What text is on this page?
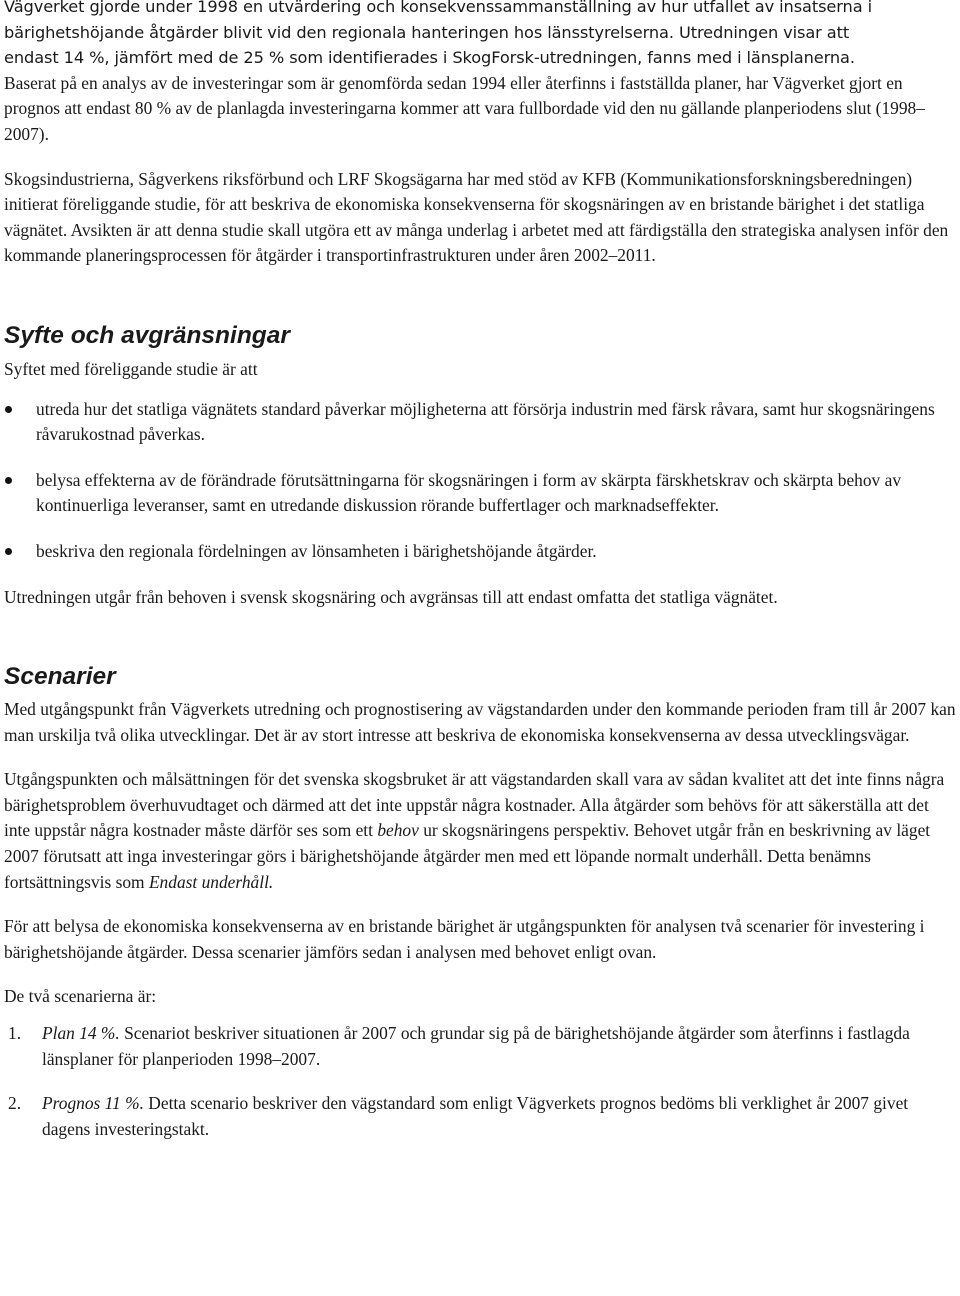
Vägverket gjorde under 1998 en utvärdering och konsekvenssammanställning av hur utfallet av insatserna i
bärighetshöjande åtgärder blivit vid den regionala hanteringen hos länsstyrelserna. Utredningen visar att
endast 14 %, jämfört med de 25 % som identifierades i SkogForsk-utredningen, fanns med i länsplanerna.

Baserat på en analys av de investeringar som är genomförda sedan 1994 eller återfinns i fastställda planer, har Vägverket gjort en prognos att endast 80 % av de planlagda investeringarna kommer att vara fullbordade vid den nu gällande planperiodens slut (1998–2007).

Skogsindustrierna, Sågverkens riksförbund och LRF Skogsägarna har med stöd av KFB (Kommunikationsforskningsberedningen) initierat föreliggande studie, för att beskriva de ekonomiska konsekvenserna för skogsnäringen av en bristande bärighet i det statliga vägnätet. Avsikten är att denna studie skall utgöra ett av många underlag i arbetet med att färdigställa den strategiska analysen inför den kommande planeringsprocessen för åtgärder i transportinfrastrukturen under åren 2002–2011.

Syfte och avgränsningar

Syftet med föreliggande studie är att

utreda hur det statliga vägnätets standard påverkar möjligheterna att försörja industrin med färsk råvara, samt hur skogsnäringens råvarukostnad påverkas.
belysa effekterna av de förändrade förutsättningarna för skogsnäringen i form av skärpta färskhetskrav och skärpta behov av kontinuerliga leveranser, samt en utredande diskussion rörande buffertlager och marknadseffekter.
beskriva den regionala fördelningen av lönsamheten i bärighetshöjande åtgärder.

Utredningen utgår från behoven i svensk skogsnäring och avgränsas till att endast omfatta det statliga vägnätet.

Scenarier

Med utgångspunkt från Vägverkets utredning och prognostisering av vägstandarden under den kommande perioden fram till år 2007 kan man urskilja två olika utvecklingar. Det är av stort intresse att beskriva de ekonomiska konsekvenserna av dessa utvecklingsvägar.

Utgångspunkten och målsättningen för det svenska skogsbruket är att vägstandarden skall vara av sådan kvalitet att det inte finns några bärighetsproblem överhuvudtaget och därmed att det inte uppstår några kostnader. Alla åtgärder som behövs för att säkerställa att det inte uppstår några kostnader måste därför ses som ett behov ur skogsnäringens perspektiv. Behovet utgår från en beskrivning av läget 2007 förutsatt att inga investeringar görs i bärighetshöjande åtgärder men med ett löpande normalt underhåll. Detta benämns fortsättningsvis som Endast underhåll.

För att belysa de ekonomiska konsekvenserna av en bristande bärighet är utgångspunkten för analysen två scenarier för investering i bärighetshöjande åtgärder. Dessa scenarier jämförs sedan i analysen med behovet enligt ovan.

De två scenarierna är:

1. Plan 14 %. Scenariot beskriver situationen år 2007 och grundar sig på de bärighetshöjande åtgärder som återfinns i fastlagda länsplaner för planperioden 1998–2007.
2. Prognos 11 %. Detta scenario beskriver den vägstandard som enligt Vägverkets prognos bedöms bli verklighet år 2007 givet dagens investeringstakt.
